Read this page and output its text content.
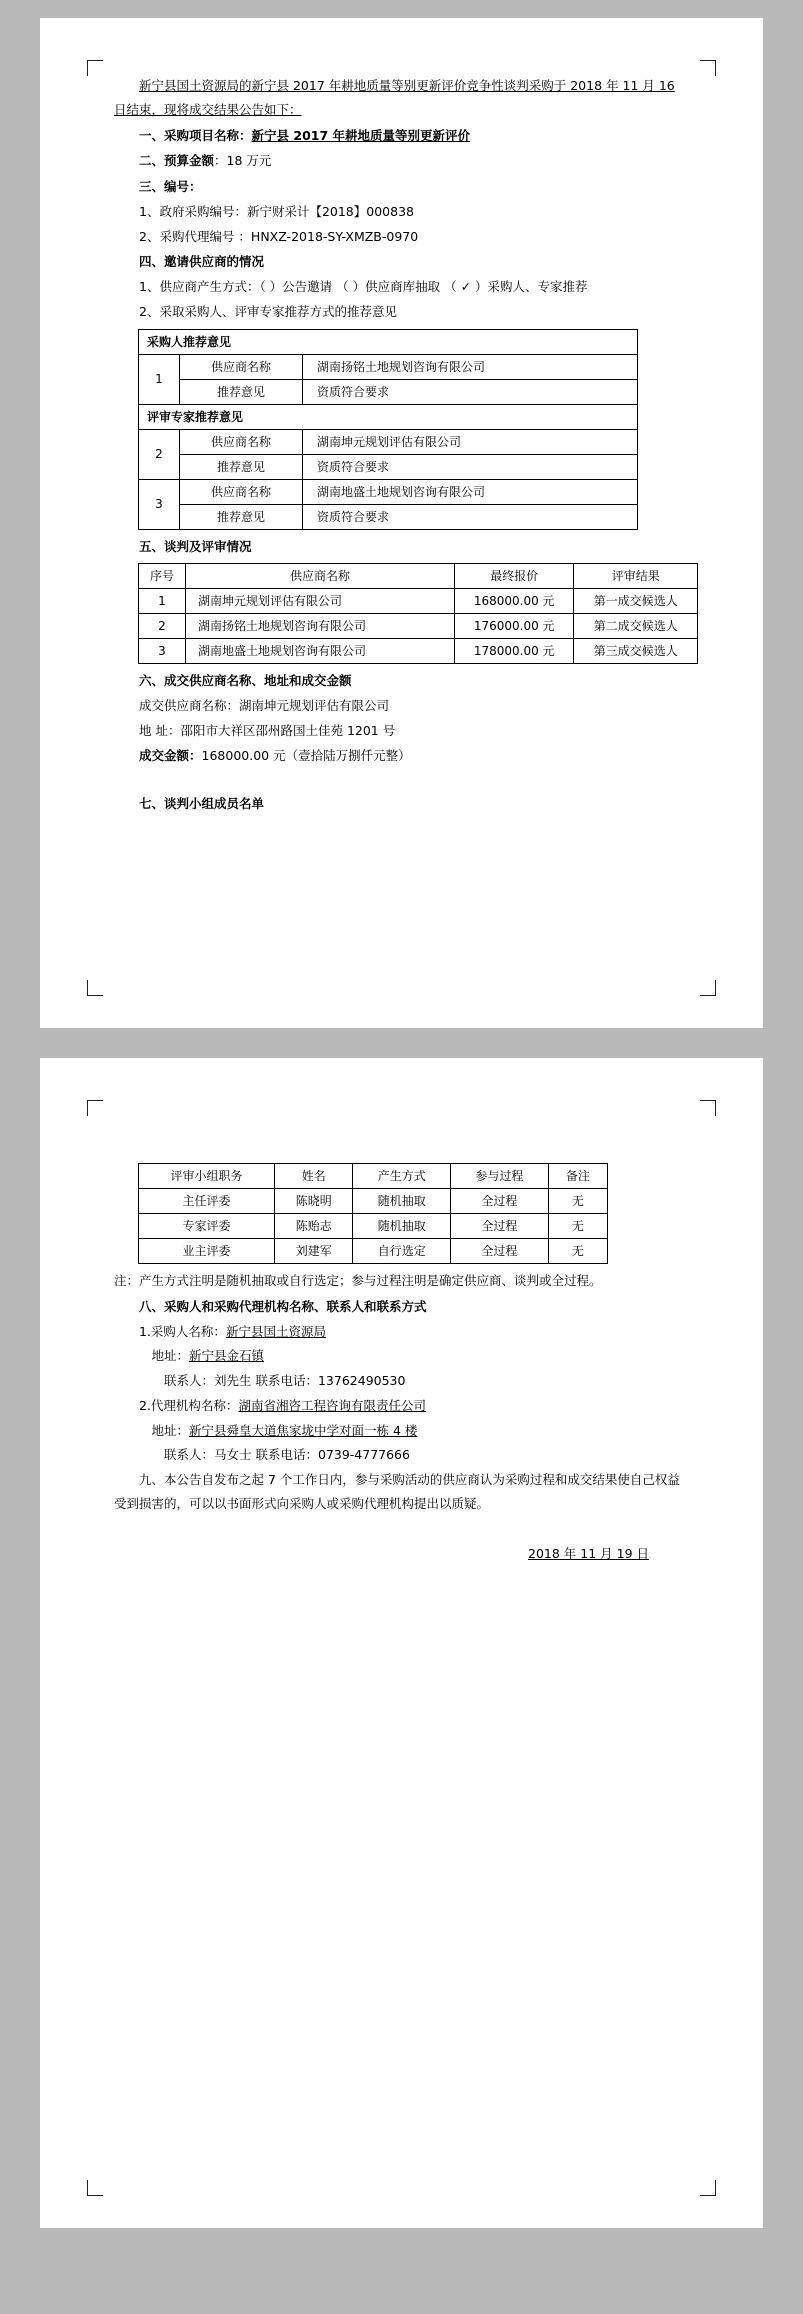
新宁县国土资源局的新宁县 2017 年耕地质量等别更新评价竞争性谈判采购于 2018 年 11 月 16 日结束，现将成交结果公告如下：

一、采购项目名称：新宁县 2017 年耕地质量等别更新评价

二、预算金额：18 万元

三、编号：

1、政府采购编号：新宁财采计【2018】000838

2、采购代理编号 ：HNXZ-2018-SY-XMZB-0970

四、邀请供应商的情况

1、供应商产生方式：（ ）公告邀请 （ ）供应商库抽取 （ ✓ ）采购人、专家推荐

2、采取采购人、评审专家推荐方式的推荐意见

采购人推荐意见		
1	供应商名称	湖南扬铭土地规划咨询有限公司
	推荐意见	资质符合要求
评审专家推荐意见		
2	供应商名称	湖南坤元规划评估有限公司
	推荐意见	资质符合要求
3	供应商名称	湖南地盛土地规划咨询有限公司
	推荐意见	资质符合要求

五、谈判及评审情况

序号	供应商名称	最终报价	评审结果
1	湖南坤元规划评估有限公司	168000.00 元	第一成交候选人
2	湖南扬铭土地规划咨询有限公司	176000.00 元	第二成交候选人
3	湖南地盛土地规划咨询有限公司	178000.00 元	第三成交候选人

六、成交供应商名称、地址和成交金额

成交供应商名称：湖南坤元规划评估有限公司

地 址：邵阳市大祥区邵州路国土佳苑 1201 号

成交金额：168000.00 元（壹拾陆万捌仟元整）

七、谈判小组成员名单

评审小组职务	姓名	产生方式	参与过程	备注
主任评委	陈晓明	随机抽取	全过程	无
专家评委	陈贻志	随机抽取	全过程	无
业主评委	刘建军	自行选定	全过程	无

注：产生方式注明是随机抽取或自行选定；参与过程注明是确定供应商、谈判或全过程。

八、采购人和采购代理机构名称、联系人和联系方式

1.采购人名称：新宁县国土资源局

地址：新宁县金石镇

联系人：刘先生 联系电话：13762490530

2.代理机构名称：湖南省湘咨工程咨询有限责任公司

地址：新宁县舜皇大道焦家垅中学对面一栋 4 楼

联系人：马女士 联系电话：0739-4777666

九、本公告自发布之起 7 个工作日内，参与采购活动的供应商认为采购过程和成交结果使自己权益受到损害的，可以以书面形式向采购人或采购代理机构提出以质疑。

2018 年 11 月 19 日
